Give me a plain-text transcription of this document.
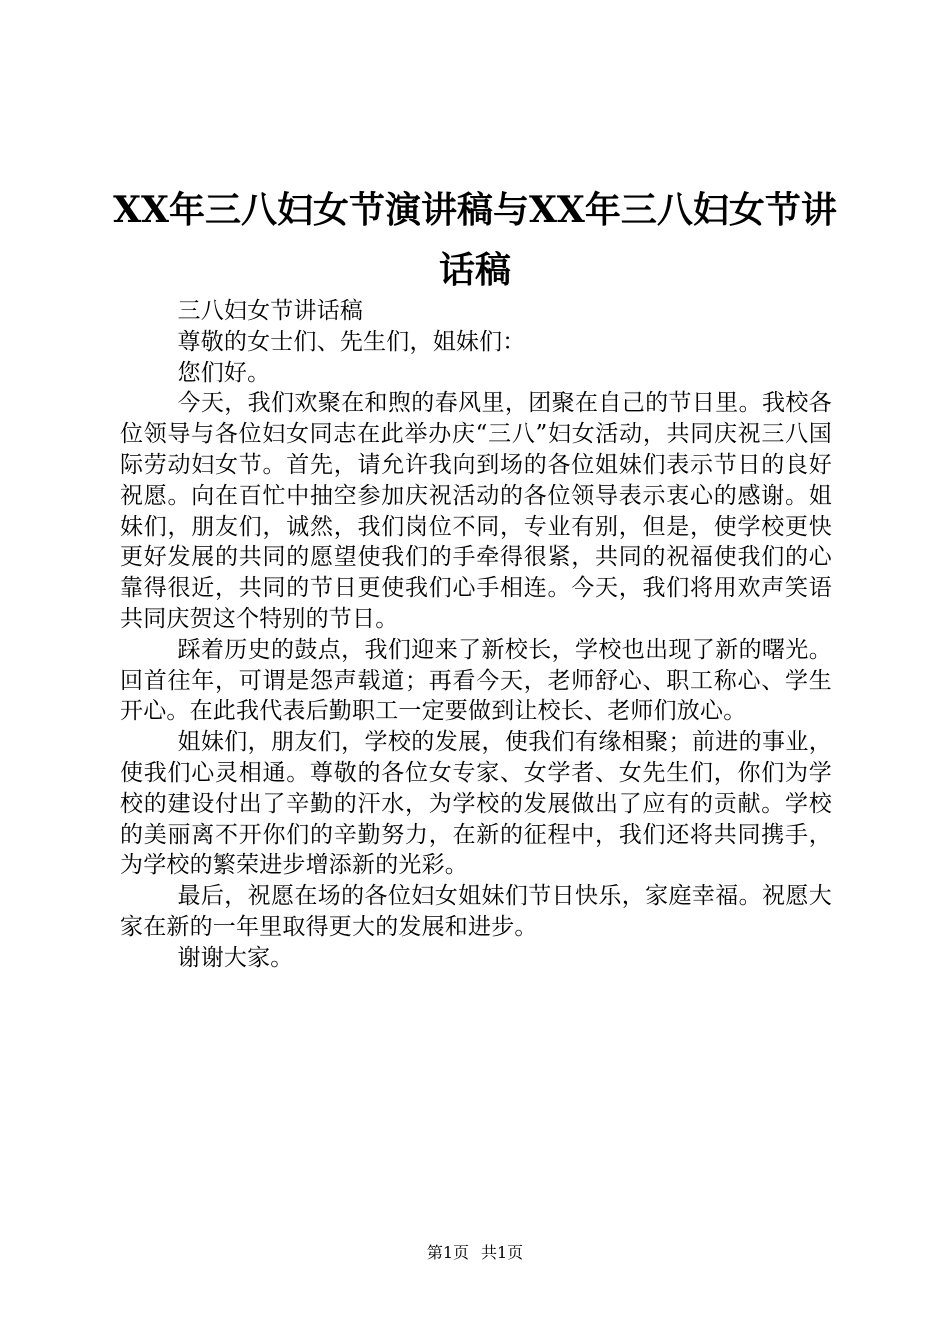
XX年三八妇女节演讲稿与XX年三八妇女节讲话稿

三八妇女节讲话稿

尊敬的女士们、先生们，姐妹们：

您们好。

今天，我们欢聚在和煦的春风里，团聚在自己的节日里。我校各位领导与各位妇女同志在此举办庆“三八”妇女活动，共同庆祝三八国际劳动妇女节。首先，请允许我向到场的各位姐妹们表示节日的良好祝愿。向在百忙中抽空参加庆祝活动的各位领导表示衷心的感谢。姐妹们，朋友们，诚然，我们岗位不同，专业有别，但是，使学校更快更好发展的共同的愿望使我们的手牵得很紧，共同的祝福使我们的心靠得很近，共同的节日更使我们心手相连。今天，我们将用欢声笑语共同庆贺这个特别的节日。

踩着历史的鼓点，我们迎来了新校长，学校也出现了新的曙光。回首往年，可谓是怨声载道；再看今天，老师舒心、职工称心、学生开心。在此我代表后勤职工一定要做到让校长、老师们放心。

姐妹们，朋友们，学校的发展，使我们有缘相聚；前进的事业，使我们心灵相通。尊敬的各位女专家、女学者、女先生们，你们为学校的建设付出了辛勤的汗水，为学校的发展做出了应有的贡献。学校的美丽离不开你们的辛勤努力，在新的征程中，我们还将共同携手，为学校的繁荣进步增添新的光彩。

最后，祝愿在场的各位妇女姐妹们节日快乐，家庭幸福。祝愿大家在新的一年里取得更大的发展和进步。

谢谢大家。

第1页 共1页
